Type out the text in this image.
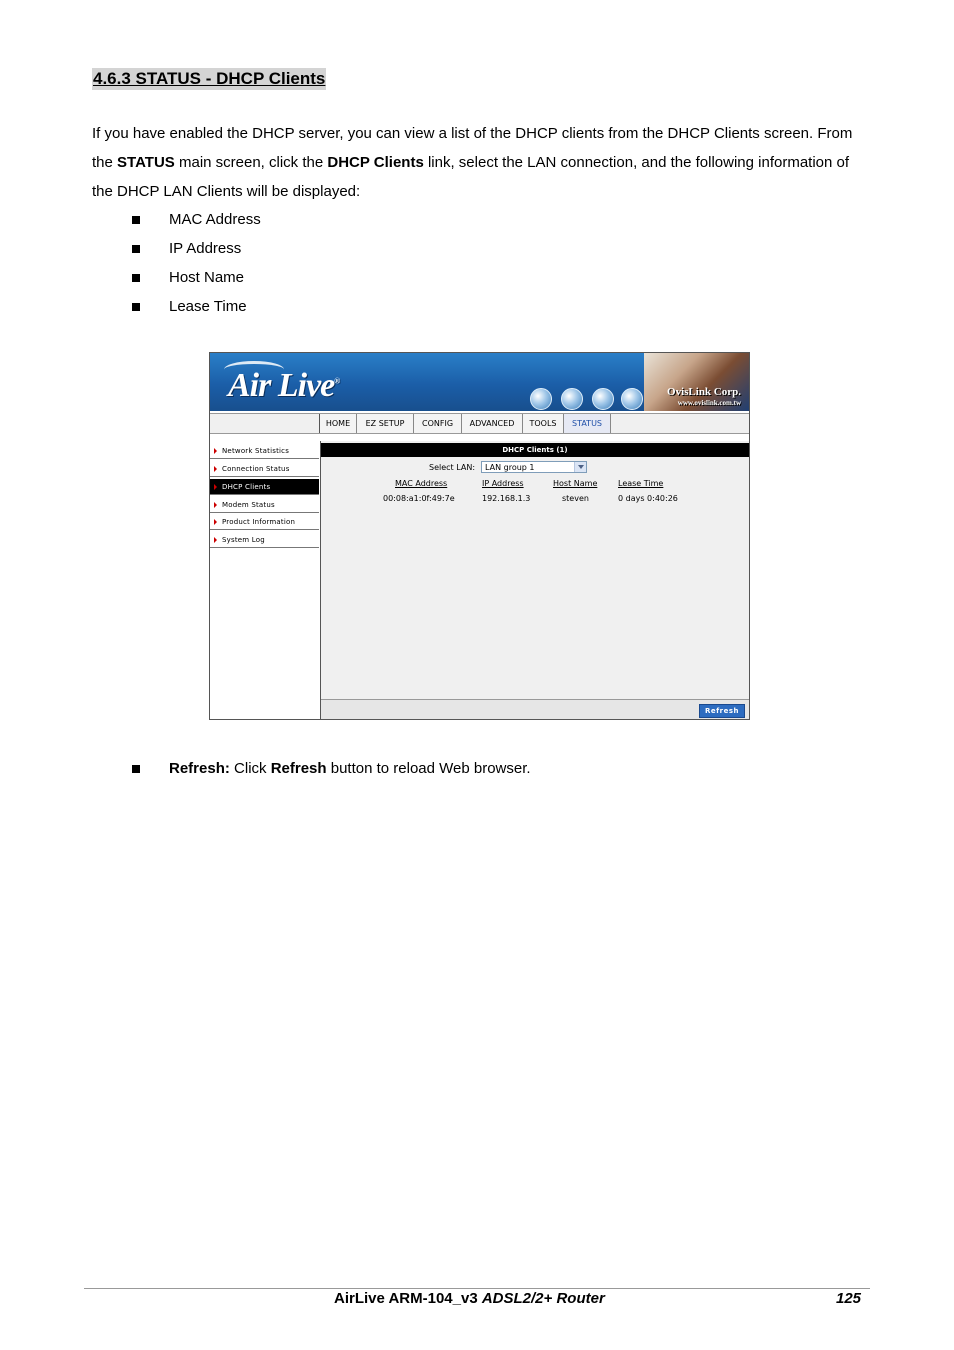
4.6.3 STATUS - DHCP Clients
If you have enabled the DHCP server, you can view a list of the DHCP clients from the DHCP Clients screen. From the STATUS main screen, click the DHCP Clients link, select the LAN connection, and the following information of the DHCP LAN Clients will be displayed:
MAC Address
IP Address
Host Name
Lease Time
Air Live®
OvisLink Corp.
www.ovislink.com.tw
HOME	EZ SETUP	CONFIG	ADVANCED	TOOLS	STATUS
Network Statistics
Connection Status
DHCP Clients
Modem Status
Product Information
System Log
DHCP Clients (1)
Select LAN:	LAN group 1
MAC Address	IP Address	Host Name	Lease Time
00:08:a1:0f:49:7e	192.168.1.3	steven	0 days 0:40:26
Refresh
Refresh: Click Refresh button to reload Web browser.
AirLive ARM-104_v3 ADSL2/2+ Router	125
